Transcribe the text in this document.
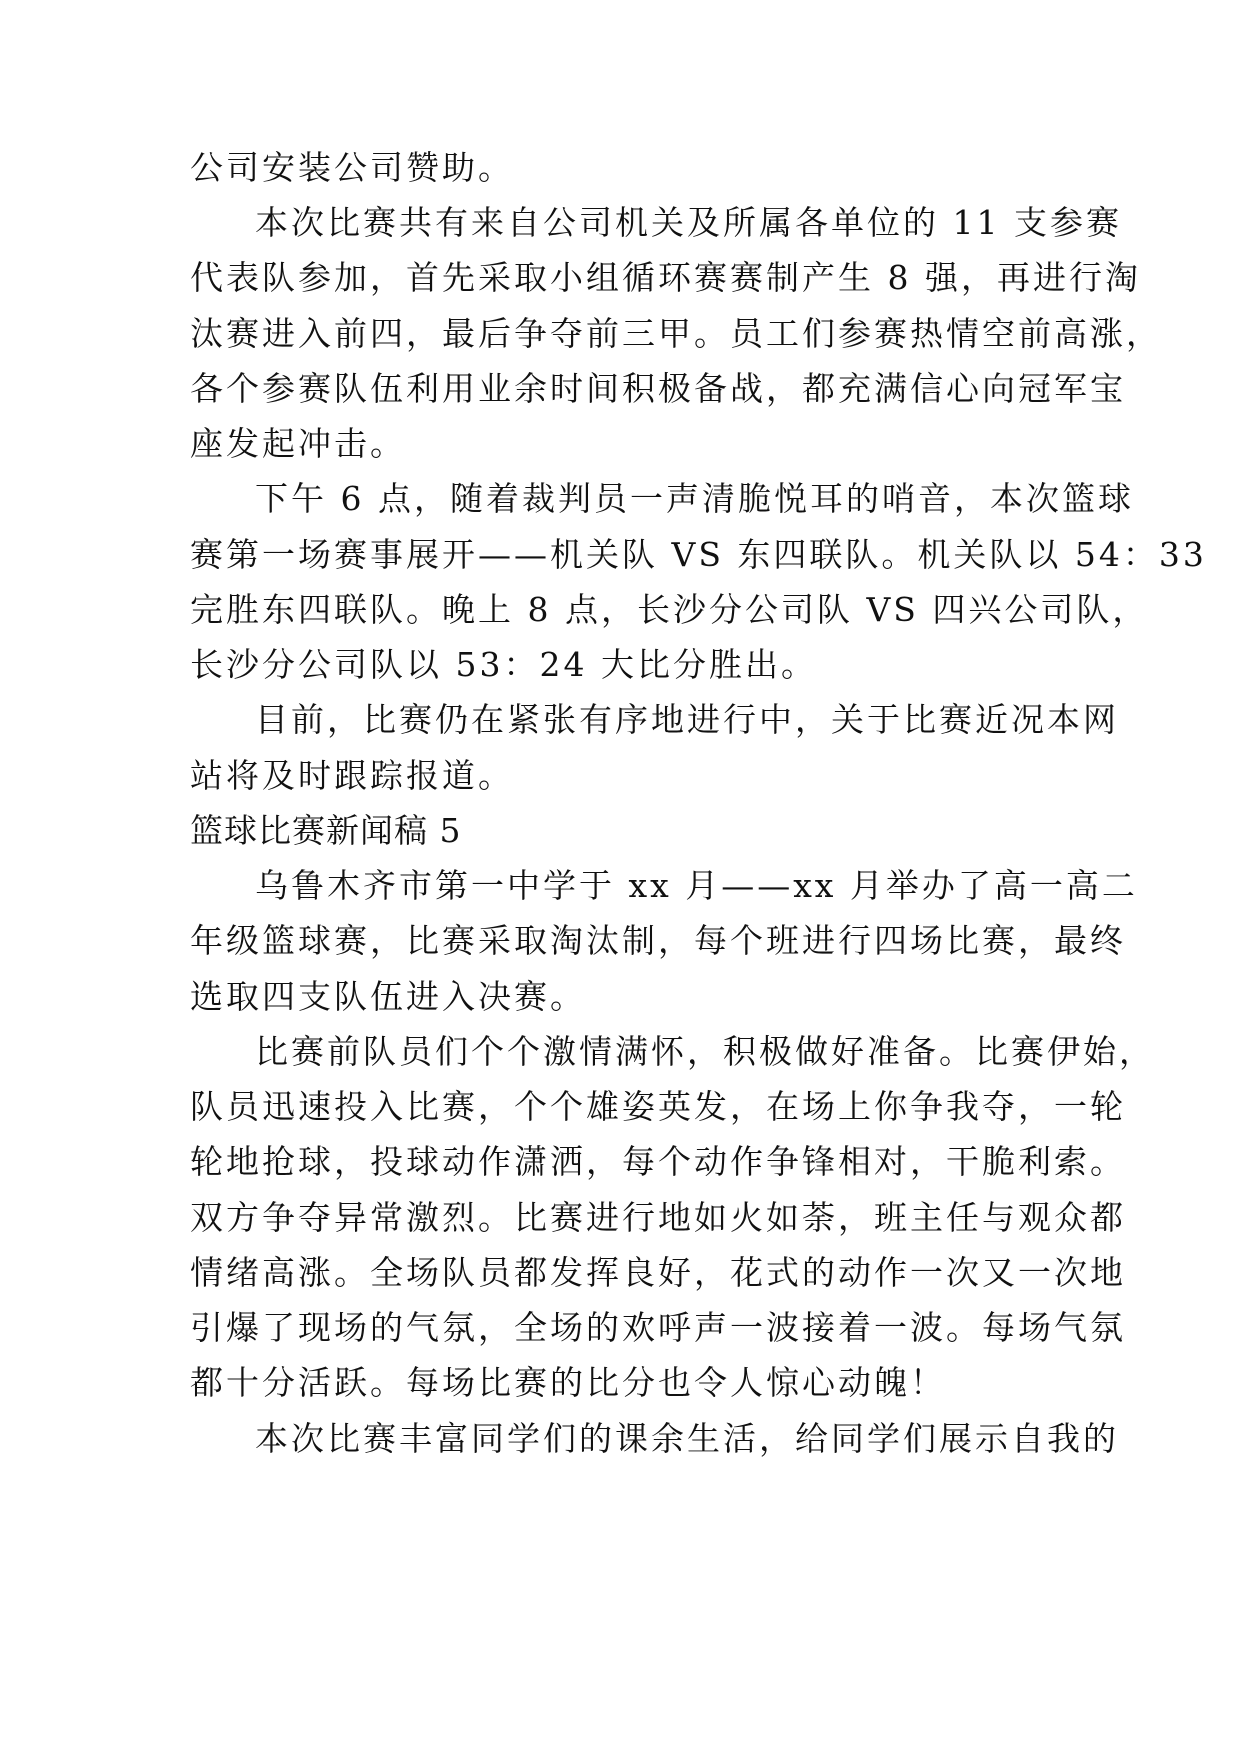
公司安装公司赞助。
本次比赛共有来自公司机关及所属各单位的 11 支参赛
代表队参加，首先采取小组循环赛赛制产生 8 强，再进行淘
汰赛进入前四，最后争夺前三甲。员工们参赛热情空前高涨，
各个参赛队伍利用业余时间积极备战，都充满信心向冠军宝
座发起冲击。
下午 6 点，随着裁判员一声清脆悦耳的哨音，本次篮球
赛第一场赛事展开——机关队 VS 东四联队。机关队以 54：33
完胜东四联队。晚上 8 点，长沙分公司队 VS 四兴公司队，
长沙分公司队以 53：24 大比分胜出。
目前，比赛仍在紧张有序地进行中，关于比赛近况本网
站将及时跟踪报道。
篮球比赛新闻稿 5
乌鲁木齐市第一中学于 xx 月——xx 月举办了高一高二
年级篮球赛，比赛采取淘汰制，每个班进行四场比赛，最终
选取四支队伍进入决赛。
比赛前队员们个个激情满怀，积极做好准备。比赛伊始，
队员迅速投入比赛，个个雄姿英发，在场上你争我夺，一轮
轮地抢球，投球动作潇洒，每个动作争锋相对，干脆利索。
双方争夺异常激烈。比赛进行地如火如荼，班主任与观众都
情绪高涨。全场队员都发挥良好，花式的动作一次又一次地
引爆了现场的气氛，全场的欢呼声一波接着一波。每场气氛
都十分活跃。每场比赛的比分也令人惊心动魄！
本次比赛丰富同学们的课余生活，给同学们展示自我的
